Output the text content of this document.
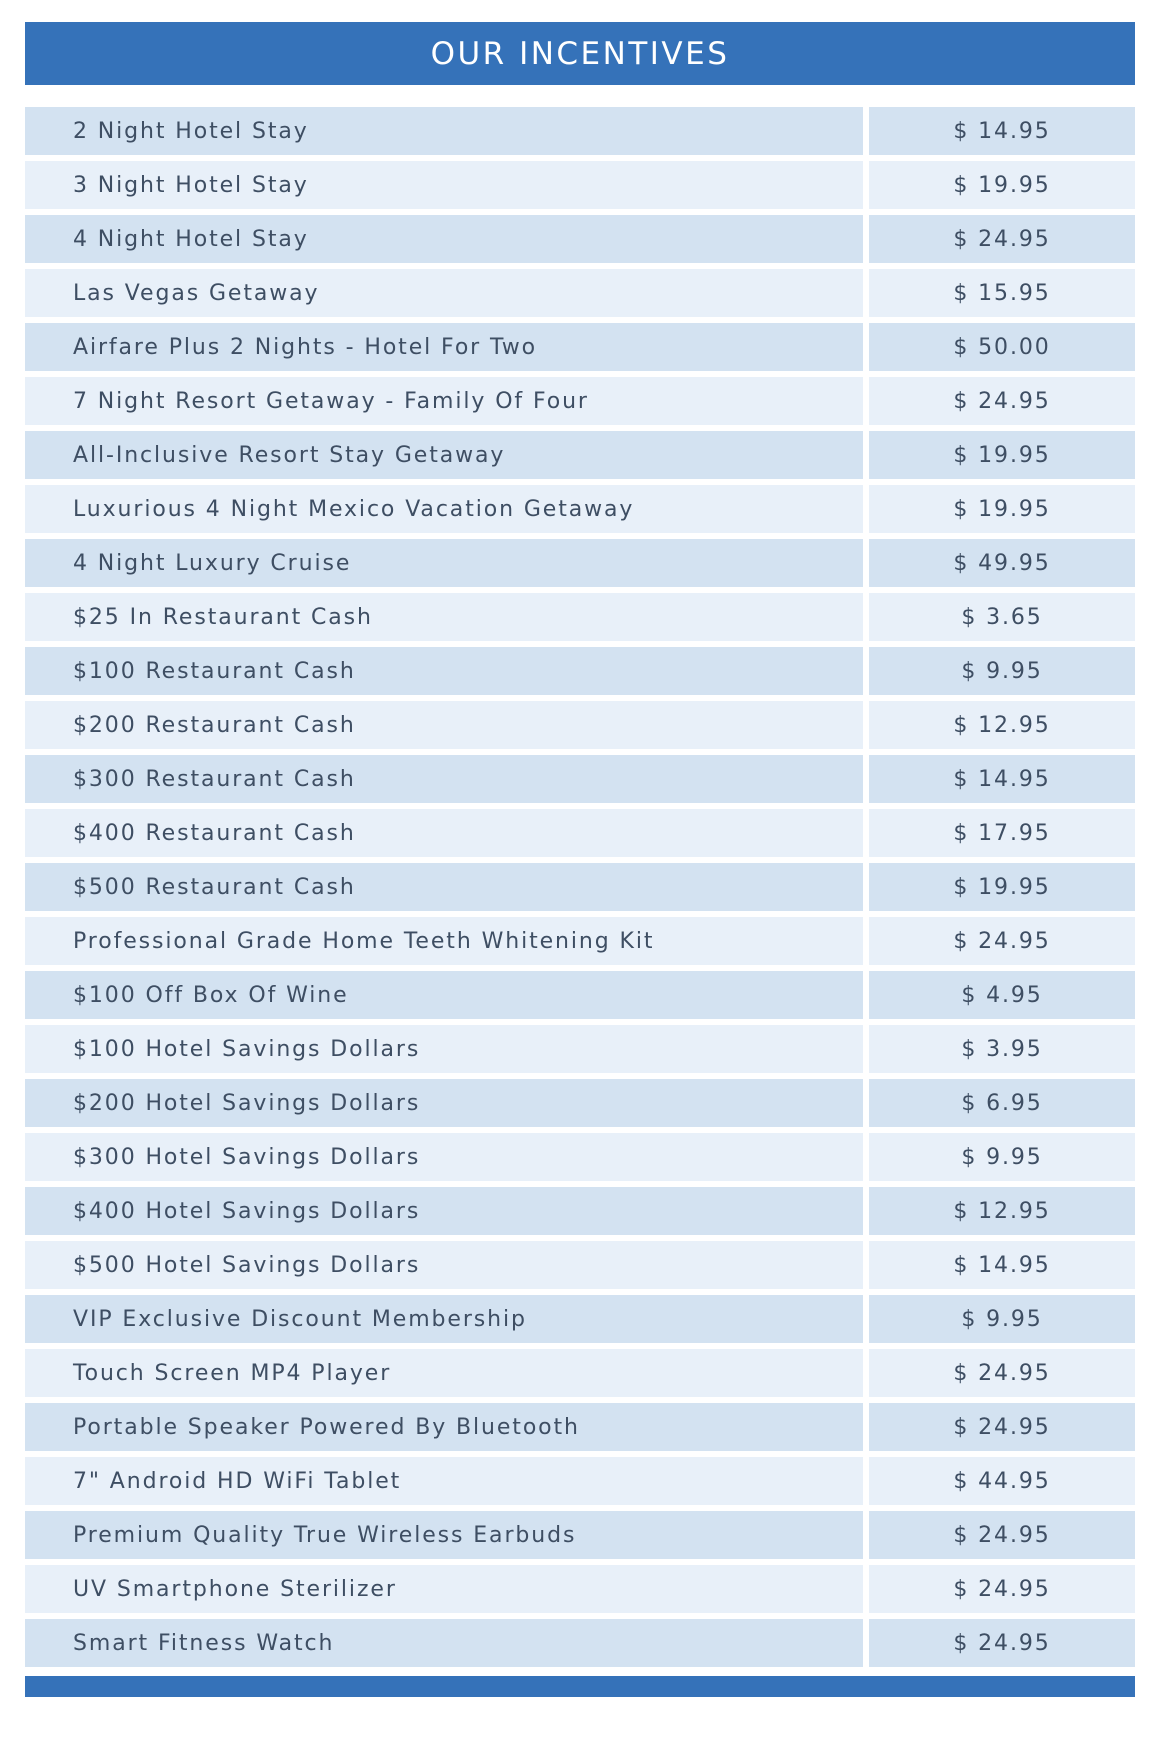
OUR INCENTIVES
2 Night Hotel Stay	$ 14.95
3 Night Hotel Stay	$ 19.95
4 Night Hotel Stay	$ 24.95
Las Vegas Getaway	$ 15.95
Airfare Plus 2 Nights - Hotel For Two	$ 50.00
7 Night Resort Getaway - Family Of Four	$ 24.95
All-Inclusive Resort Stay Getaway	$ 19.95
Luxurious 4 Night Mexico Vacation Getaway	$ 19.95
4 Night Luxury Cruise	$ 49.95
$25 In Restaurant Cash	$ 3.65
$100 Restaurant Cash	$ 9.95
$200 Restaurant Cash	$ 12.95
$300 Restaurant Cash	$ 14.95
$400 Restaurant Cash	$ 17.95
$500 Restaurant Cash	$ 19.95
Professional Grade Home Teeth Whitening Kit	$ 24.95
$100 Off Box Of Wine	$ 4.95
$100 Hotel Savings Dollars	$ 3.95
$200 Hotel Savings Dollars	$ 6.95
$300 Hotel Savings Dollars	$ 9.95
$400 Hotel Savings Dollars	$ 12.95
$500 Hotel Savings Dollars	$ 14.95
VIP Exclusive Discount Membership	$ 9.95
Touch Screen MP4 Player	$ 24.95
Portable Speaker Powered By Bluetooth	$ 24.95
7" Android HD WiFi Tablet	$ 44.95
Premium Quality True Wireless Earbuds	$ 24.95
UV Smartphone Sterilizer	$ 24.95
Smart Fitness Watch	$ 24.95
